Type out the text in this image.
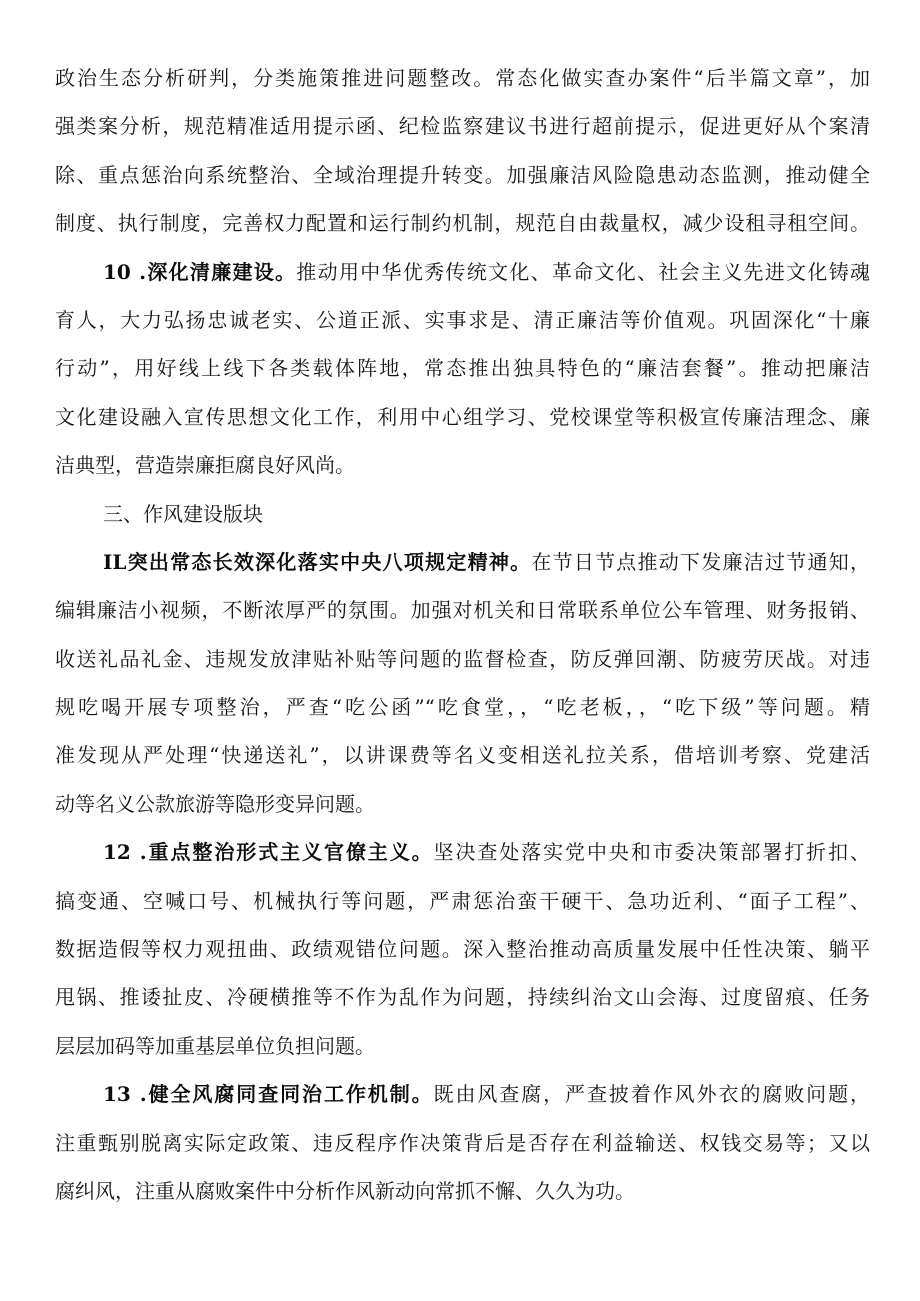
政治生态分析研判，分类施策推进问题整改。常态化做实查办案件“后半篇文章”，加
强类案分析，规范精准适用提示函、纪检监察建议书进行超前提示，促进更好从个案清
除、重点惩治向系统整治、全域治理提升转变。加强廉洁风险隐患动态监测，推动健全
制度、执行制度，完善权力配置和运行制约机制，规范自由裁量权，减少设租寻租空间。
10 .深化清廉建设。推动用中华优秀传统文化、革命文化、社会主义先进文化铸魂
育人，大力弘扬忠诚老实、公道正派、实事求是、清正廉洁等价值观。巩固深化“十廉
行动”，用好线上线下各类载体阵地，常态推出独具特色的“廉洁套餐”。推动把廉洁
文化建设融入宣传思想文化工作，利用中心组学习、党校课堂等积极宣传廉洁理念、廉
洁典型，营造崇廉拒腐良好风尚。
三、作风建设版块
IL突出常态长效深化落实中央八项规定精神。在节日节点推动下发廉洁过节通知，
编辑廉洁小视频，不断浓厚严的氛围。加强对机关和日常联系单位公车管理、财务报销、
收送礼品礼金、违规发放津贴补贴等问题的监督检查，防反弹回潮、防疲劳厌战。对违
规吃喝开展专项整治，严查“吃公函”“吃食堂，，“吃老板，，“吃下级”等问题。精
准发现从严处理“快递送礼”，以讲课费等名义变相送礼拉关系，借培训考察、党建活
动等名义公款旅游等隐形变异问题。
12 .重点整治形式主义官僚主义。坚决查处落实党中央和市委决策部署打折扣、
搞变通、空喊口号、机械执行等问题，严肃惩治蛮干硬干、急功近利、“面子工程”、
数据造假等权力观扭曲、政绩观错位问题。深入整治推动高质量发展中任性决策、躺平
甩锅、推诿扯皮、冷硬横推等不作为乱作为问题，持续纠治文山会海、过度留痕、任务
层层加码等加重基层单位负担问题。
13 .健全风腐同查同治工作机制。既由风查腐，严查披着作风外衣的腐败问题，
注重甄别脱离实际定政策、违反程序作决策背后是否存在利益输送、权钱交易等；又以
腐纠风，注重从腐败案件中分析作风新动向常抓不懈、久久为功。
